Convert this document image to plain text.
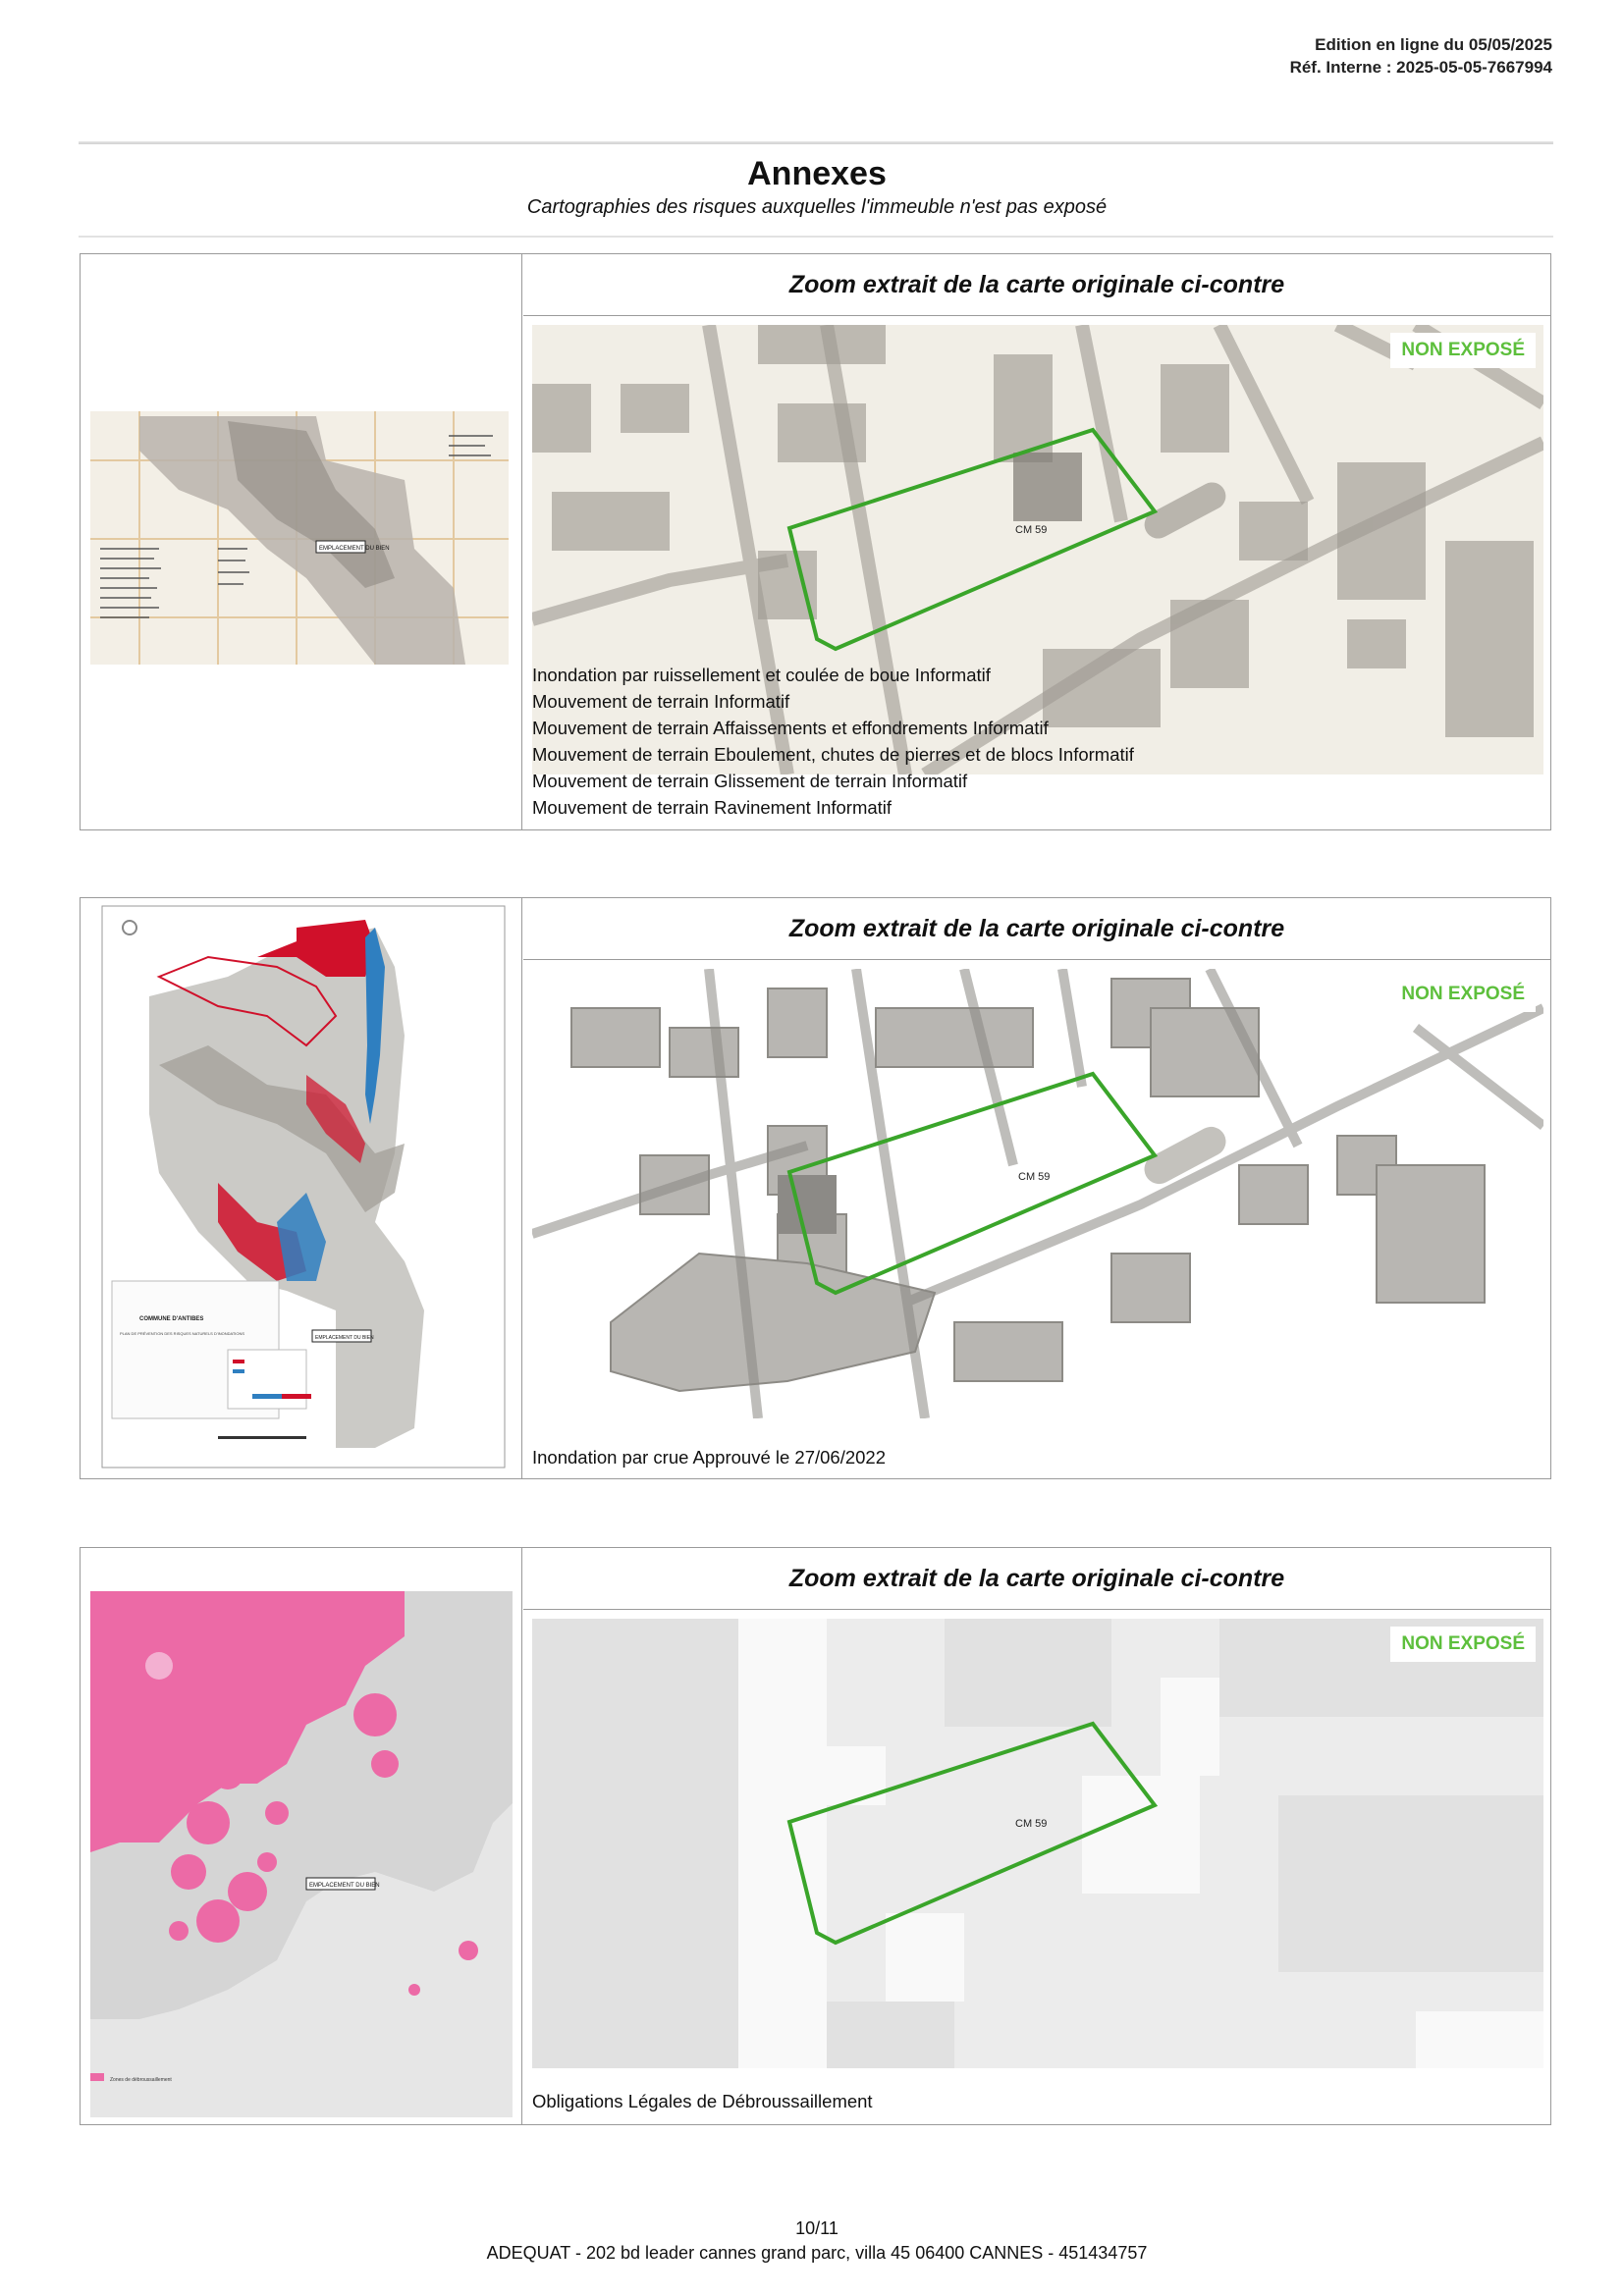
Edition en ligne du 05/05/2025
Réf. Interne : 2025-05-05-7667994
Annexes
Cartographies des risques auxquelles l'immeuble n'est pas exposé
EMPLACEMENT DU BIEN
Zoom extrait de la carte originale ci-contre
CM 59
NON EXPOSÉ
Inondation par ruissellement et coulée de boue Informatif
Mouvement de terrain Informatif
Mouvement de terrain Affaissements et effondrements Informatif
Mouvement de terrain Eboulement, chutes de pierres et de blocs Informatif
Mouvement de terrain Glissement de terrain Informatif
Mouvement de terrain Ravinement Informatif
COMMUNE D'ANTIBES
PLAN DE PRÉVENTION DES RISQUES NATURELS D'INONDATIONS
EMPLACEMENT DU BIEN
Zoom extrait de la carte originale ci-contre
CM 59
NON EXPOSÉ
Inondation par crue Approuvé le 27/06/2022
EMPLACEMENT DU BIEN
Zones de débroussaillement
Zoom extrait de la carte originale ci-contre
CM 59
NON EXPOSÉ
Obligations Légales de Débroussaillement
10/11
ADEQUAT - 202 bd leader cannes grand parc, villa 45 06400 CANNES - 451434757
